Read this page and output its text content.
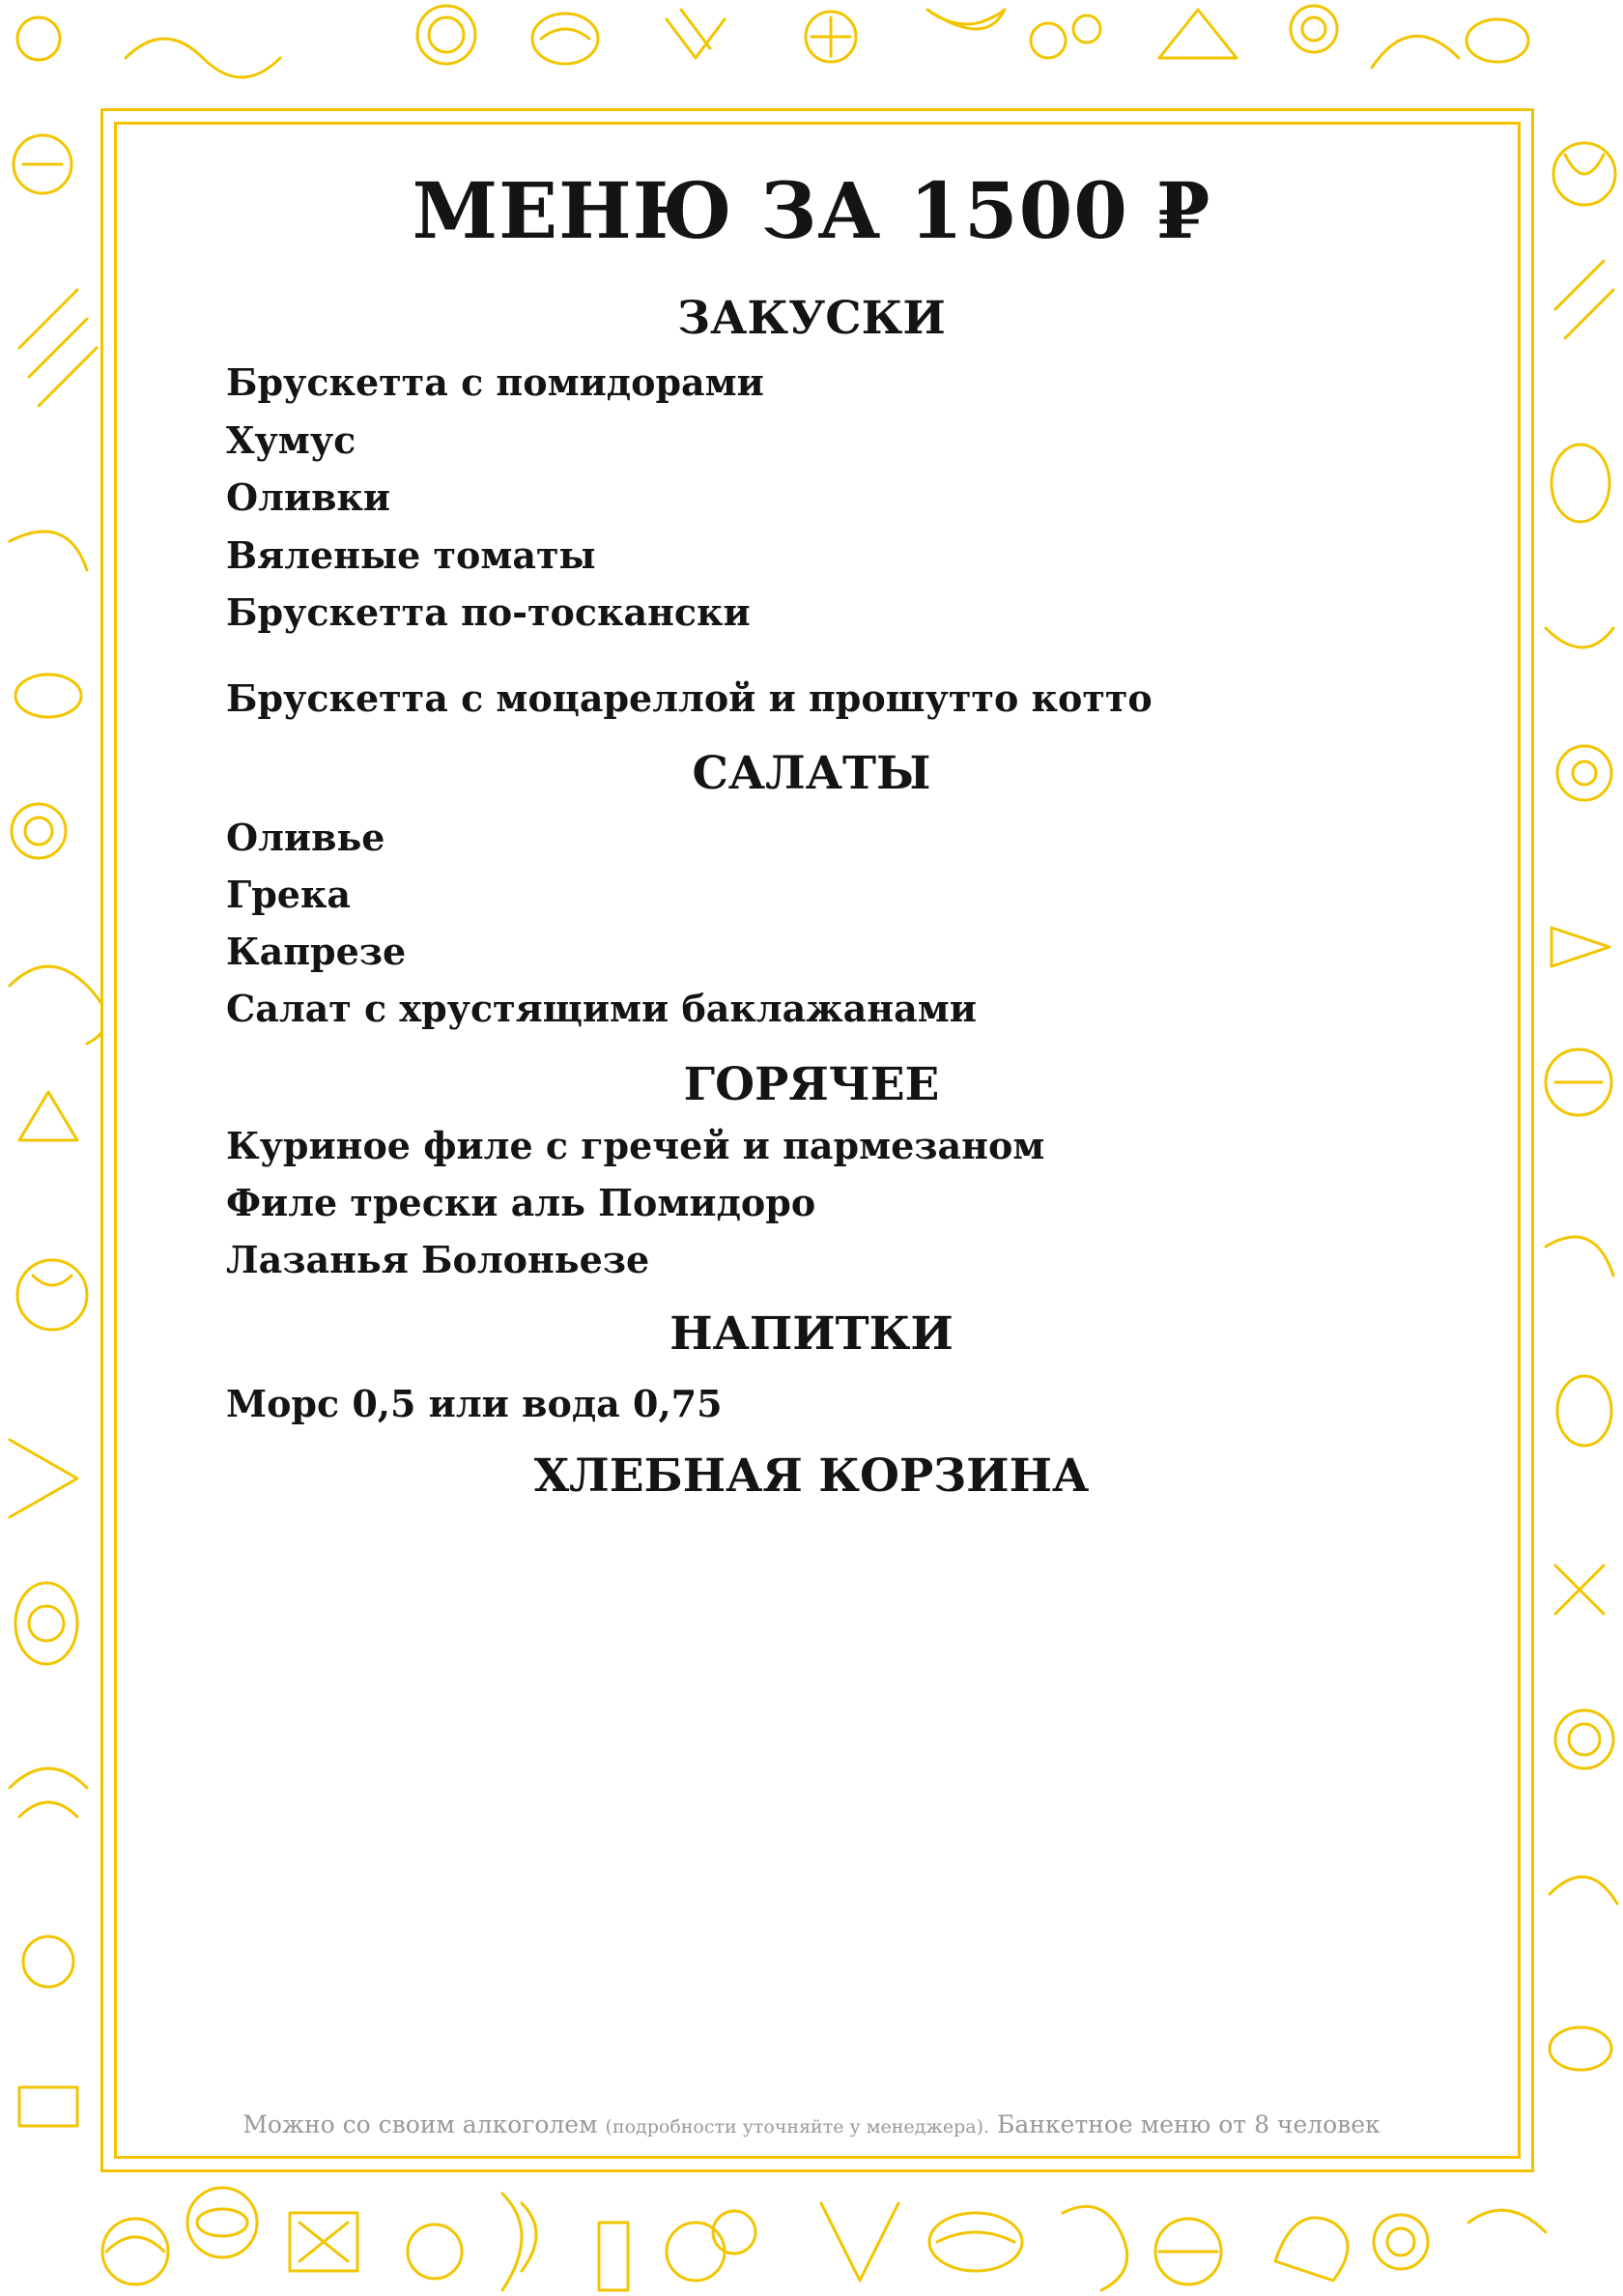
МЕНЮ ЗА 1500 ₽
ЗАКУСКИ
Брускетта с помидорами
Хумус
Оливки
Вяленые томаты
Брускетта по-тоскански
Брускетта с моцареллой и прошутто котто
САЛАТЫ
Оливье
Грека
Капрезе
Салат с хрустящими баклажанами
ГОРЯЧЕЕ
Куриное филе с гречей и пармезаном
Филе трески аль Помидоро
Лазанья Болоньезе
НАПИТКИ
Морс 0,5 или вода 0,75
ХЛЕБНАЯ КОРЗИНА
Можно со своим алкоголем (подробности уточняйте у менеджера). Банкетное меню от 8 человек
